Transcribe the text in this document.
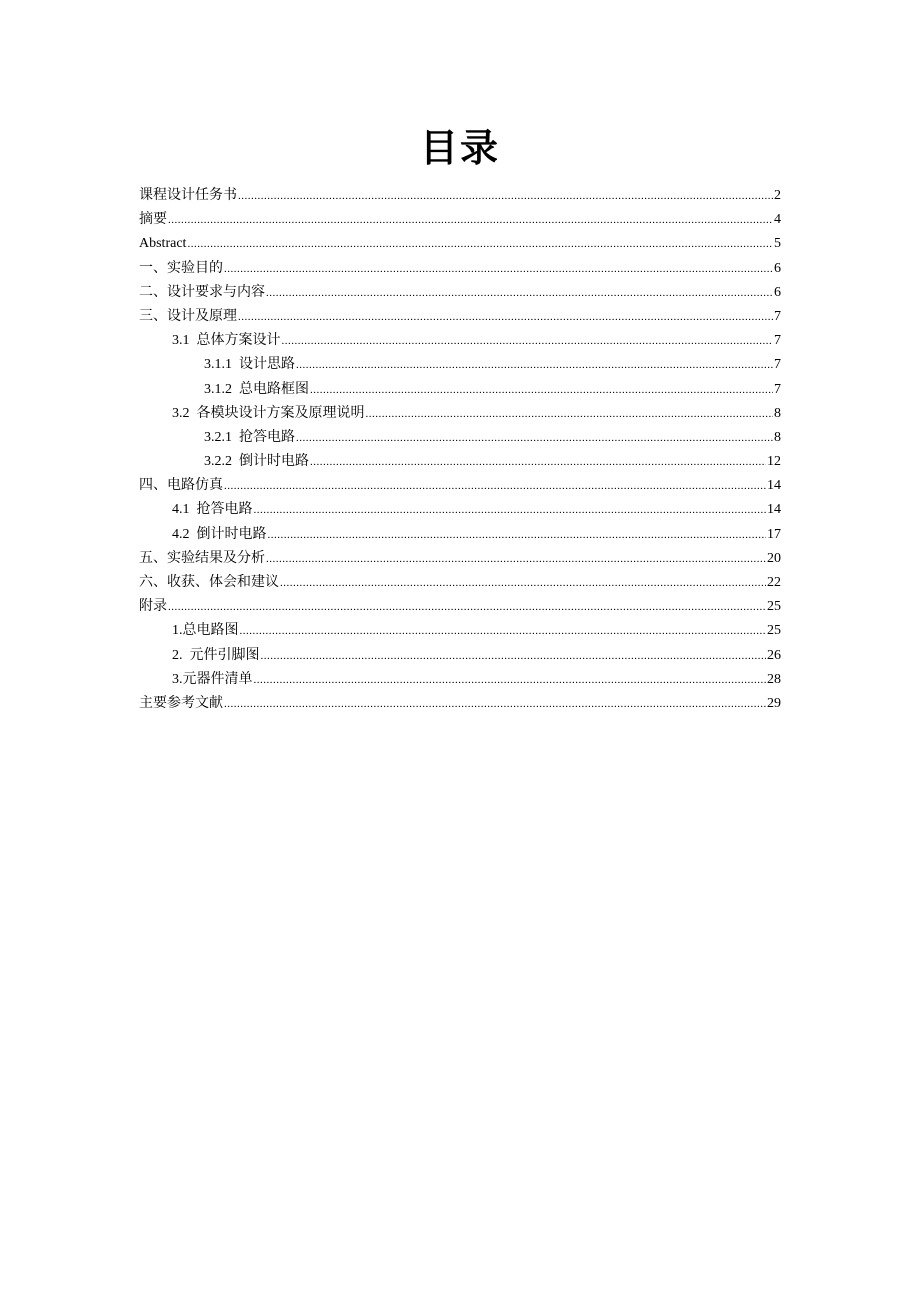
目录
课程设计任务书 .....	2
摘要 .....	4
Abstract .....	5
一、实验目的 .....	6
二、设计要求与内容 .....	6
三、设计及原理 .....	7
3.1 总体方案设计 .....	7
3.1.1 设计思路 .....	7
3.1.2 总电路框图 .....	7
3.2 各模块设计方案及原理说明 .....	8
3.2.1 抢答电路 .....	8
3.2.2 倒计时电路 .....	12
四、电路仿真 .....	14
4.1 抢答电路 .....	14
4.2 倒计时电路 .....	17
五、实验结果及分析 .....	20
六、收获、体会和建议 .....	22
附录 .....	25
1.总电路图 .....	25
2. 元件引脚图 .....	26
3.元器件清单 .....	28
主要参考文献 .....	29
